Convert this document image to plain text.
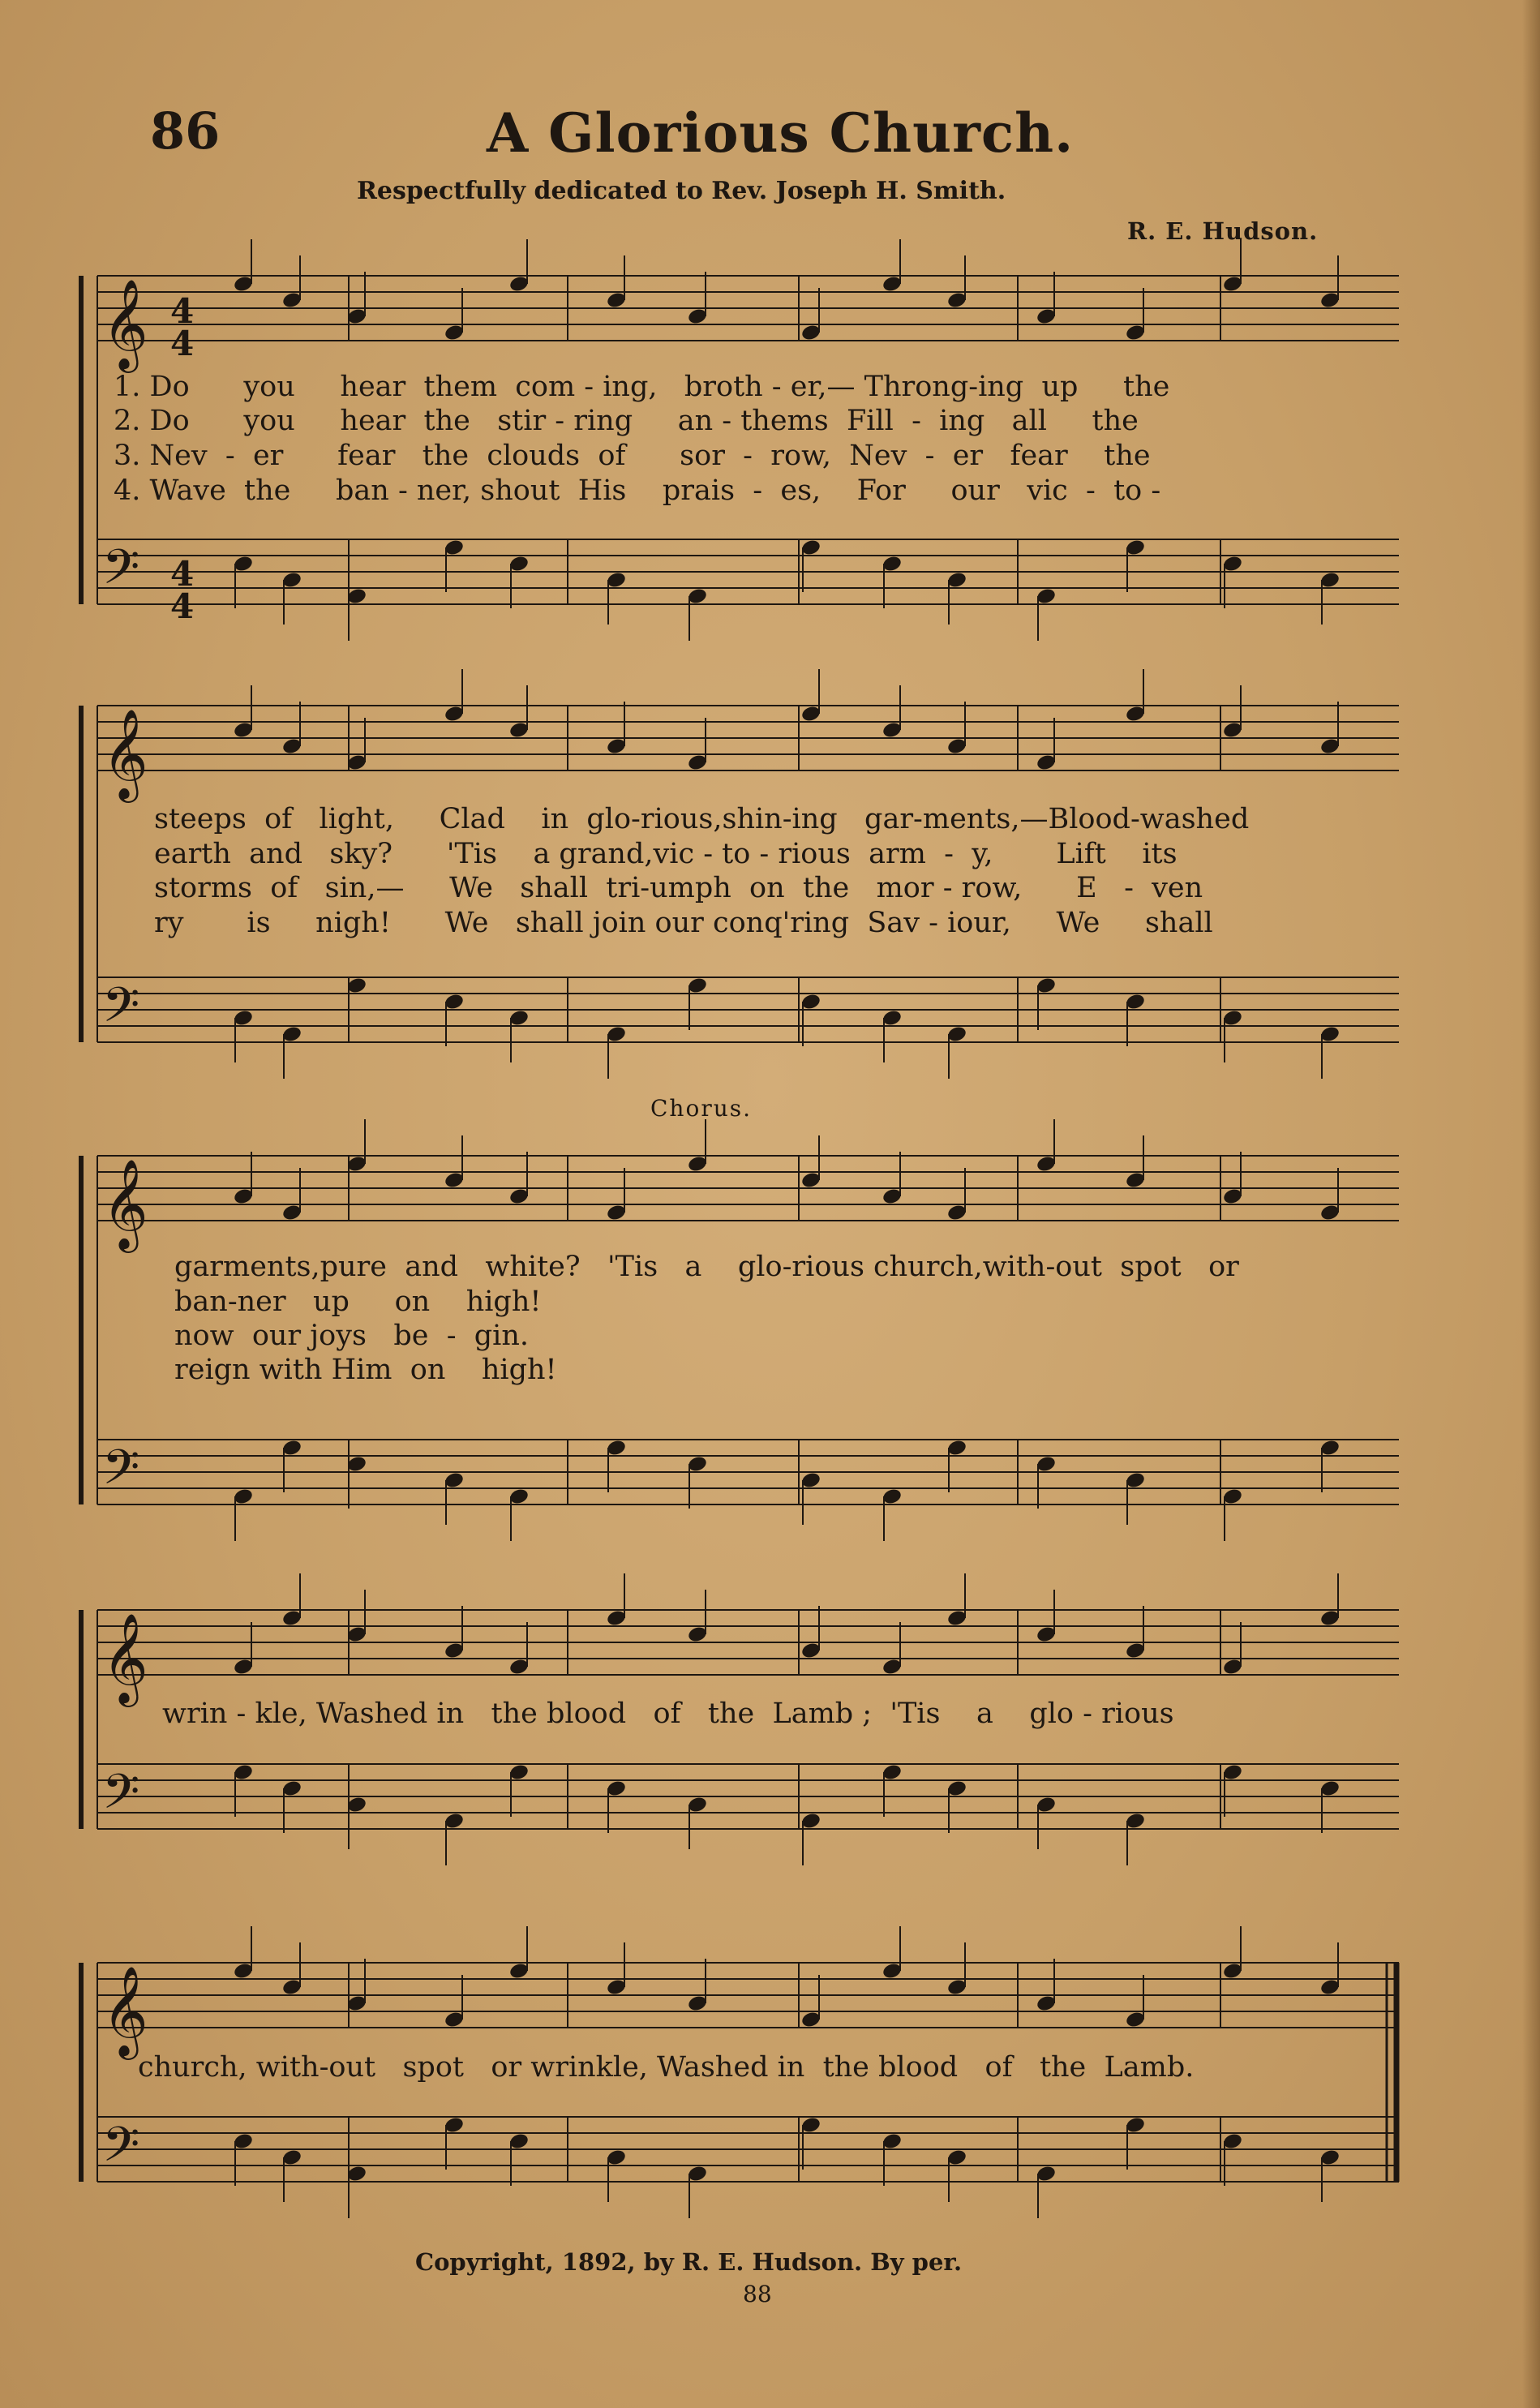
86	A Glorious Church.
Respectfully dedicated to Rev. Joseph H. Smith.
R. E. Hudson.
𝄞
𝄢
𝄞
𝄢
𝄞
𝄢
𝄞
𝄢
𝄞
𝄢
4
4
4
4
1. Do      you     hear  them  com - ing,   broth - er,— Throng-ing  up     the
2. Do      you     hear  the   stir - ring     an - thems  Fill  -  ing   all     the
3. Nev  -  er      fear   the  clouds  of      sor  -  row,  Nev  -  er   fear    the
4. Wave  the     ban - ner, shout  His    prais  -  es,    For     our   vic  -  to -
steeps  of   light,     Clad    in  glo-rious,shin-ing   gar-ments,—Blood-washed
earth  and   sky?      'Tis    a grand,vic - to - rious  arm  -  y,       Lift    its
storms  of   sin,—     We   shall  tri-umph  on  the   mor - row,      E   -  ven
ry       is     nigh!      We   shall join our conq'ring  Sav - iour,     We     shall
Chorus.
garments,pure  and   white?   'Tis   a    glo-rious church,with-out  spot   or
ban-ner   up     on    high!
now  our joys   be  -  gin.
reign with Him  on    high!
wrin - kle, Washed in   the blood   of   the  Lamb ;  'Tis    a    glo - rious
church, with-out   spot   or wrinkle, Washed in  the blood   of   the  Lamb.
Copyright, 1892, by R. E. Hudson. By per.
88
